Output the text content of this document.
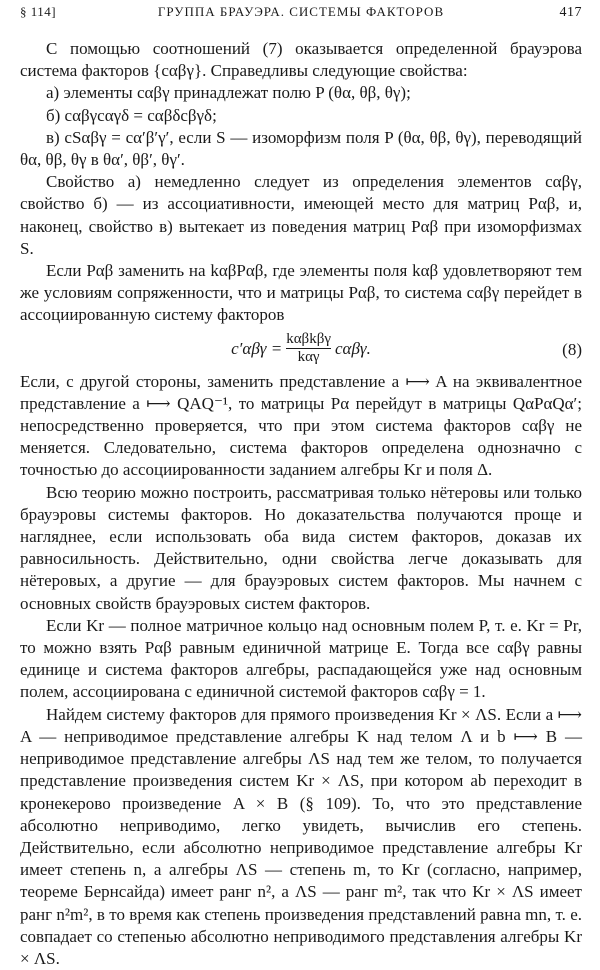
§ 114]	ГРУППА БРАУЭРА. СИСТЕМЫ ФАКТОРОВ	417

С помощью соотношений (7) оказывается определенной брауэрова система факторов {cαβγ}. Справедливы следующие свойства:

а) элементы cαβγ принадлежат полю P (θα, θβ, θγ);

б) cαβγcαγδ = cαβδcβγδ;

в) cSαβγ = cα′β′γ′, если S — изоморфизм поля P (θα, θβ, θγ), переводящий θα, θβ, θγ в θα′, θβ′, θγ′.

Свойство а) немедленно следует из определения элементов cαβγ, свойство б) — из ассоциативности, имеющей место для матриц Pαβ, и, наконец, свойство в) вытекает из поведения матриц Pαβ при изоморфизмах S.

Если Pαβ заменить на kαβPαβ, где элементы поля kαβ удовлетворяют тем же условиям сопряженности, что и матрицы Pαβ, то система cαβγ перейдет в ассоциированную систему факторов

$c'\alpha\beta\gamma = \frac{\text{kαβkβγ}}{\text{kαγ}} c\alpha\beta\gamma$.	(8)

Если, с другой стороны, заменить представление a ⟼ A на эквивалентное представление a ⟼ QAQ⁻¹, то матрицы Pα перейдут в матрицы QαPαQα′; непосредственно проверяется, что при этом система факторов cαβγ не меняется. Следовательно, система факторов определена однозначно с точностью до ассоциированности заданием алгебры Kr и поля Δ.

Всю теорию можно построить, рассматривая только нётеровы или только брауэровы системы факторов. Но доказательства получаются проще и нагляднее, если использовать оба вида систем факторов, доказав их равносильность. Действительно, одни свойства легче доказывать для нётеровых, а другие — для брауэровых систем факторов. Мы начнем с основных свойств брауэровых систем факторов.

Если Kr — полное матричное кольцо над основным полем P, т. е. Kr = Pr, то можно взять Pαβ равным единичной матрице E. Тогда все cαβγ равны единице и система факторов алгебры, распадающейся уже над основным полем, ассоциирована с единичной системой факторов cαβγ = 1.

Найдем систему факторов для прямого произведения Kr × ΛS. Если a ⟼ A — неприводимое представление алгебры K над телом Λ и b ⟼ B — неприводимое представление алгебры ΛS над тем же телом, то получается представление произведения систем Kr × ΛS, при котором ab переходит в кронекерово произведение A × B (§ 109). То, что это представление абсолютно неприводимо, легко увидеть, вычислив его степень. Действительно, если абсолютно неприводимое представление алгебры Kr имеет степень n, а алгебры ΛS — степень m, то Kr (согласно, например, теореме Бернсайда) имеет ранг n², а ΛS — ранг m², так что Kr × ΛS имеет ранг n²m², в то время как степень произведения представлений равна mn, т. е. совпадает со степенью абсолютно неприводимого представления алгебры Kr × ΛS.
